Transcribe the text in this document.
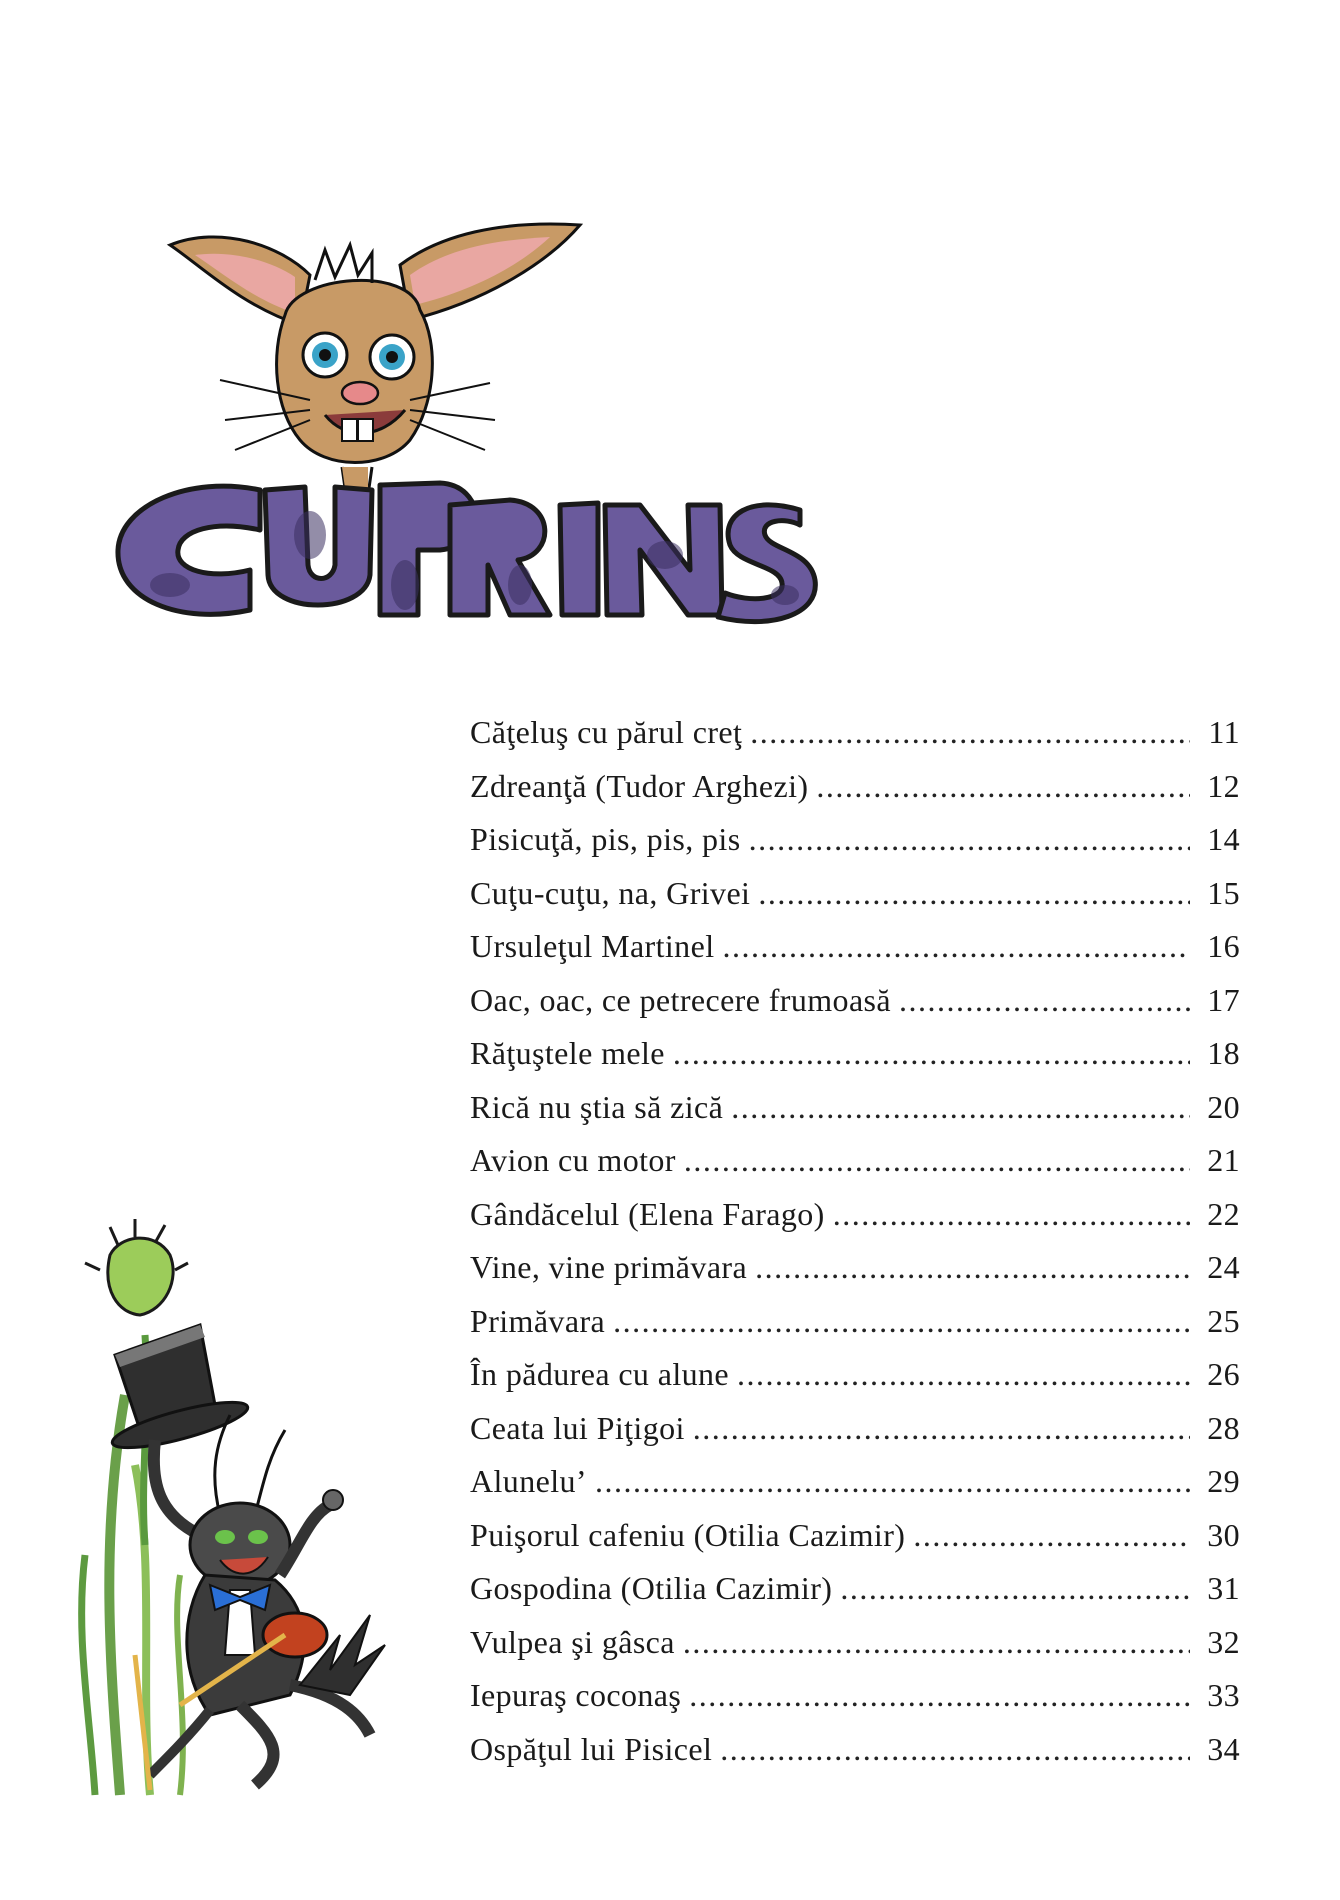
Căţeluş cu părul creţ .....	11
Zdreanţă (Tudor Arghezi) .....	12
Pisicuţă, pis, pis, pis .....	14
Cuţu-cuţu, na, Grivei .....	15
Ursuleţul Martinel .....	16
Oac, oac, ce petrecere frumoasă .....	17
Răţuştele mele .....	18
Rică nu ştia să zică .....	20
Avion cu motor .....	21
Gândăcelul (Elena Farago) .....	22
Vine, vine primăvara .....	24
Primăvara .....	25
În pădurea cu alune .....	26
Ceata lui Piţigoi .....	28
Alunelu’ .....	29
Puişorul cafeniu (Otilia Cazimir) .....	30
Gospodina (Otilia Cazimir) .....	31
Vulpea şi gâsca .....	32
Iepuraş coconaş .....	33
Ospăţul lui Pisicel .....	34
